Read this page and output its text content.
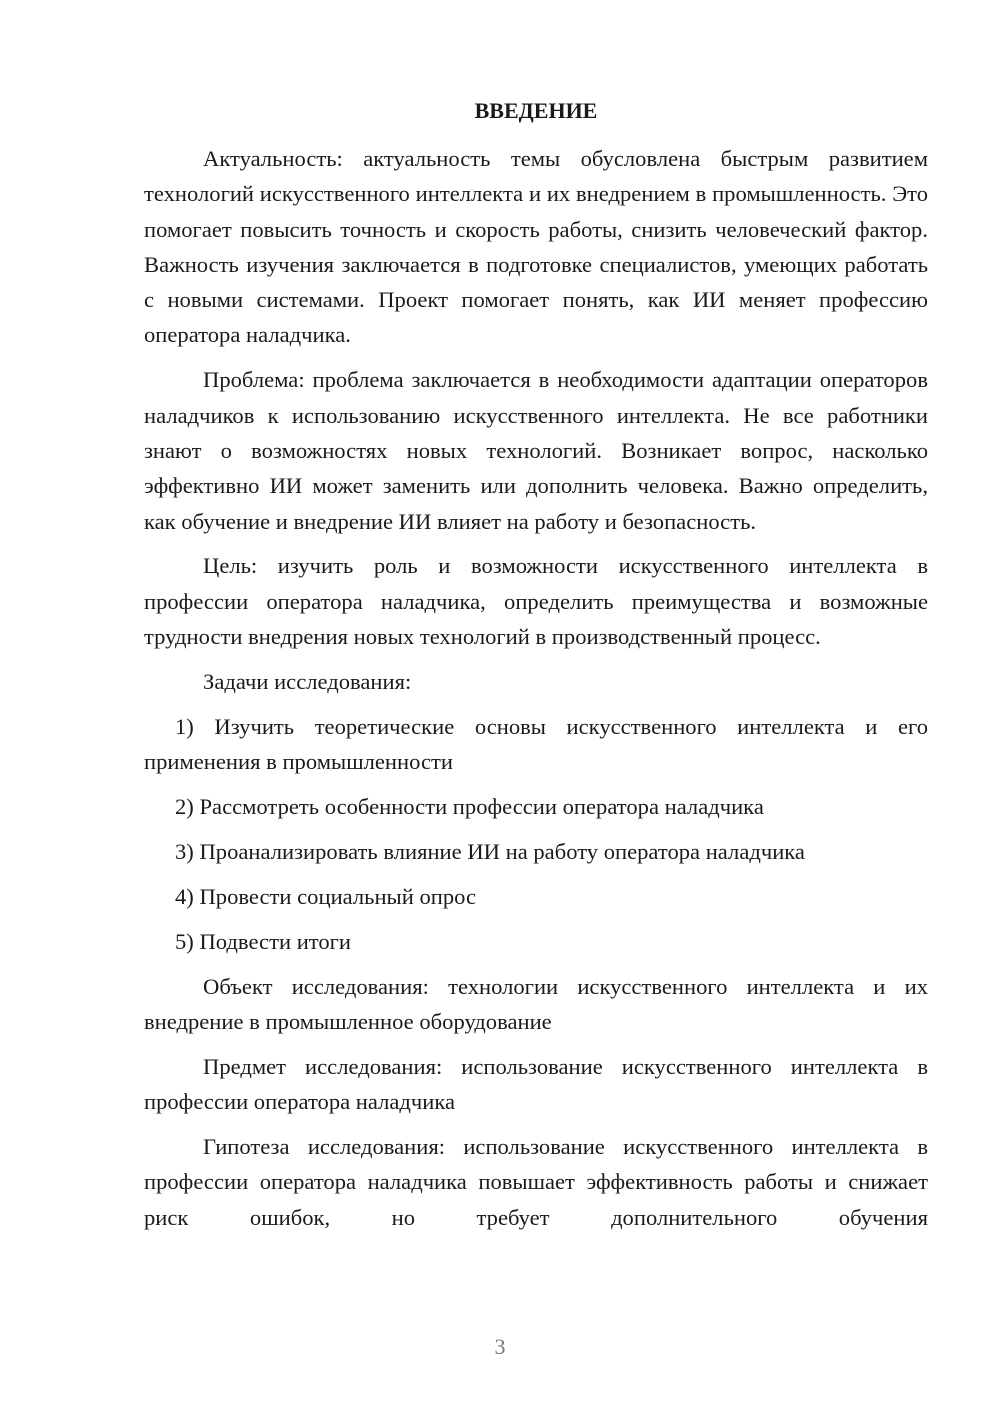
ВВЕДЕНИЕ

Актуальность: актуальность темы обусловлена быстрым развитием технологий искусственного интеллекта и их внедрением в промышленность. Это помогает повысить точность и скорость работы, снизить человеческий фактор. Важность изучения заключается в подготовке специалистов, умеющих работать с новыми системами. Проект помогает понять, как ИИ меняет профессию оператора наладчика.

Проблема: проблема заключается в необходимости адаптации операторов наладчиков к использованию искусственного интеллекта. Не все работники знают о возможностях новых технологий. Возникает вопрос, насколько эффективно ИИ может заменить или дополнить человека. Важно определить, как обучение и внедрение ИИ влияет на работу и безопасность.

Цель: изучить роль и возможности искусственного интеллекта в профессии оператора наладчика, определить преимущества и возможные трудности внедрения новых технологий в производственный процесс.

Задачи исследования:

1) Изучить теоретические основы искусственного интеллекта и его применения в промышленности

2) Рассмотреть особенности профессии оператора наладчика

3) Проанализировать влияние ИИ на работу оператора наладчика

4) Провести социальный опрос

5) Подвести итоги

Объект исследования: технологии искусственного интеллекта и их внедрение в промышленное оборудование

Предмет исследования: использование искусственного интеллекта в профессии оператора наладчика

Гипотеза исследования: использование искусственного интеллекта в профессии оператора наладчика повышает эффективность работы и снижает риск ошибок, но требует дополнительного обучения

3
